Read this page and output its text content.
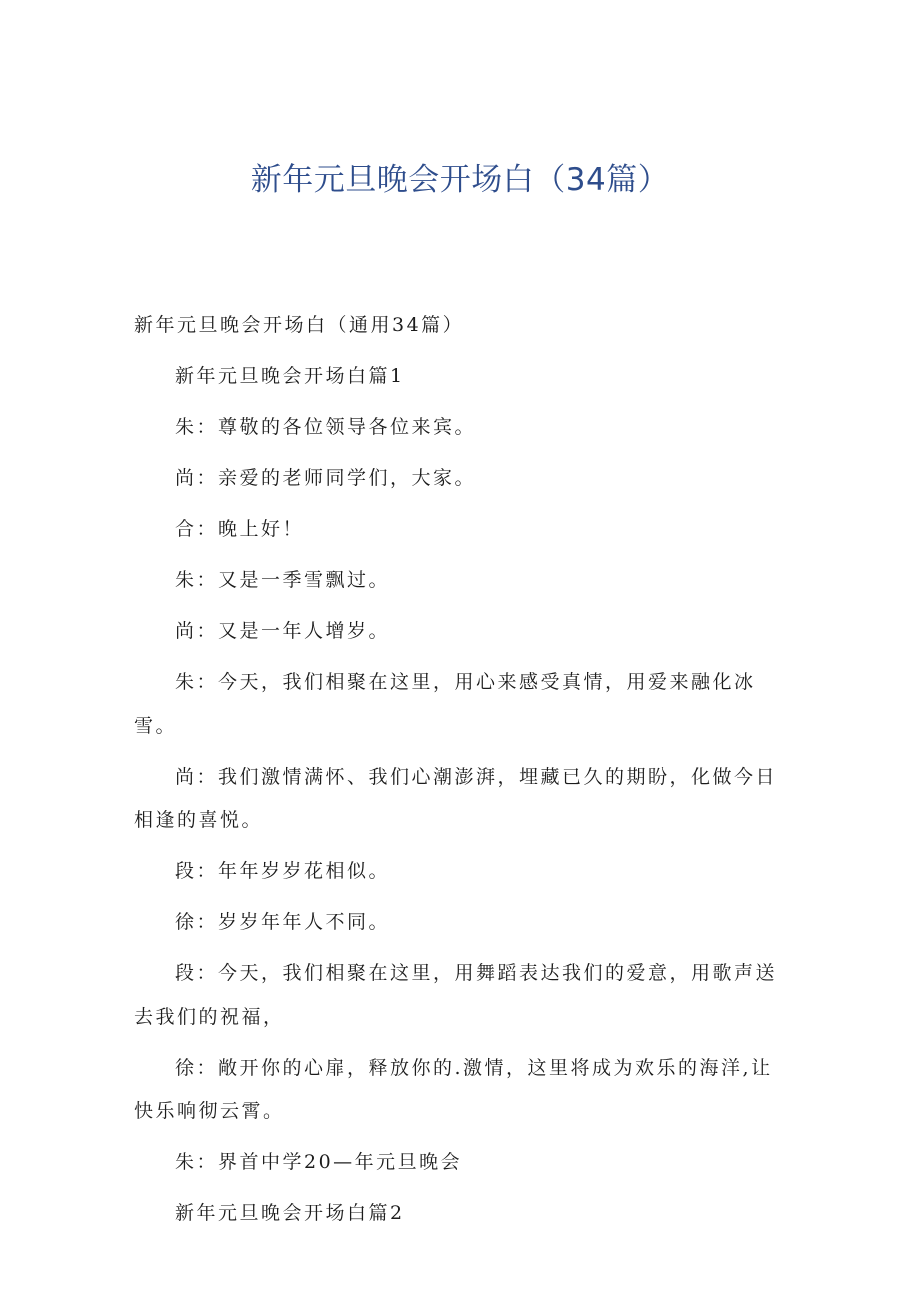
新年元旦晚会开场白（34篇）

新年元旦晚会开场白（通用34篇）

新年元旦晚会开场白篇1

朱：尊敬的各位领导各位来宾。

尚：亲爱的老师同学们，大家。

合：晚上好！

朱：又是一季雪飘过。

尚：又是一年人增岁。

朱：今天，我们相聚在这里，用心来感受真情，用爱来融化冰雪。

尚：我们激情满怀、我们心潮澎湃，埋藏已久的期盼，化做今日相逢的喜悦。

段：年年岁岁花相似。

徐：岁岁年年人不同。

段：今天，我们相聚在这里，用舞蹈表达我们的爱意，用歌声送去我们的祝福，

徐：敞开你的心扉，释放你的.激情，这里将成为欢乐的海洋,让快乐响彻云霄。

朱：界首中学20—年元旦晚会

新年元旦晚会开场白篇2
